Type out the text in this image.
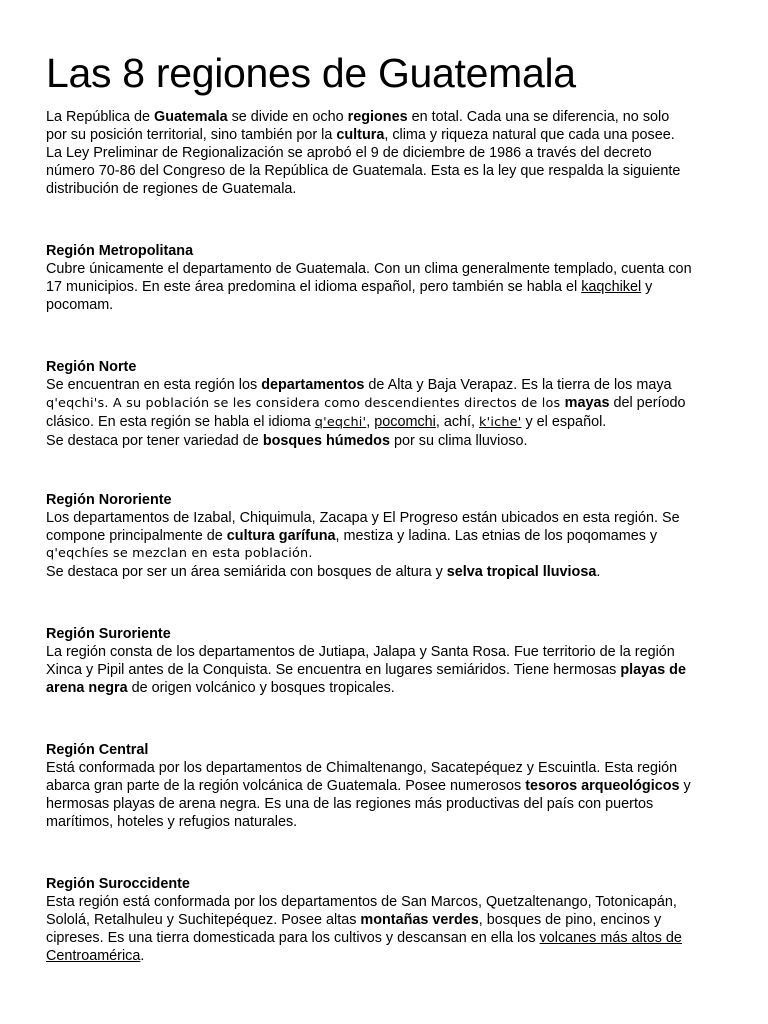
Las 8 regiones de Guatemala

La República de Guatemala se divide en ocho regiones en total. Cada una se diferencia, no solo
por su posición territorial, sino también por la cultura, clima y riqueza natural que cada una posee.
La Ley Preliminar de Regionalización se aprobó el 9 de diciembre de 1986 a través del decreto
número 70-86 del Congreso de la República de Guatemala. Esta es la ley que respalda la siguiente
distribución de regiones de Guatemala.

Región Metropolitana

Cubre únicamente el departamento de Guatemala. Con un clima generalmente templado, cuenta con
17 municipios. En este área predomina el idioma español, pero también se habla el kaqchikel y
pocomam.

Región Norte

Se encuentran en esta región los departamentos de Alta y Baja Verapaz. Es la tierra de los maya
q'eqchi's. A su población se les considera como descendientes directos de los mayas del período
clásico. En esta región se habla el idioma q'eqchi', pocomchi, achí, k'iche' y el español.
Se destaca por tener variedad de bosques húmedos por su clima lluvioso.

Región Nororiente

Los departamentos de Izabal, Chiquimula, Zacapa y El Progreso están ubicados en esta región. Se
compone principalmente de cultura garífuna, mestiza y ladina. Las etnias de los poqomames y
q'eqchíes se mezclan en esta población.
Se destaca por ser un área semiárida con bosques de altura y selva tropical lluviosa.

Región Suroriente

La región consta de los departamentos de Jutiapa, Jalapa y Santa Rosa. Fue territorio de la región
Xinca y Pipil antes de la Conquista. Se encuentra en lugares semiáridos. Tiene hermosas playas de
arena negra de origen volcánico y bosques tropicales.

Región Central

Está conformada por los departamentos de Chimaltenango, Sacatepéquez y Escuintla. Esta región
abarca gran parte de la región volcánica de Guatemala. Posee numerosos tesoros arqueológicos y
hermosas playas de arena negra. Es una de las regiones más productivas del país con puertos
marítimos, hoteles y refugios naturales.

Región Suroccidente

Esta región está conformada por los departamentos de San Marcos, Quetzaltenango, Totonicapán,
Sololá, Retalhuleu y Suchitepéquez. Posee altas montañas verdes, bosques de pino, encinos y
cipreses. Es una tierra domesticada para los cultivos y descansan en ella los volcanes más altos de
Centroamérica.
